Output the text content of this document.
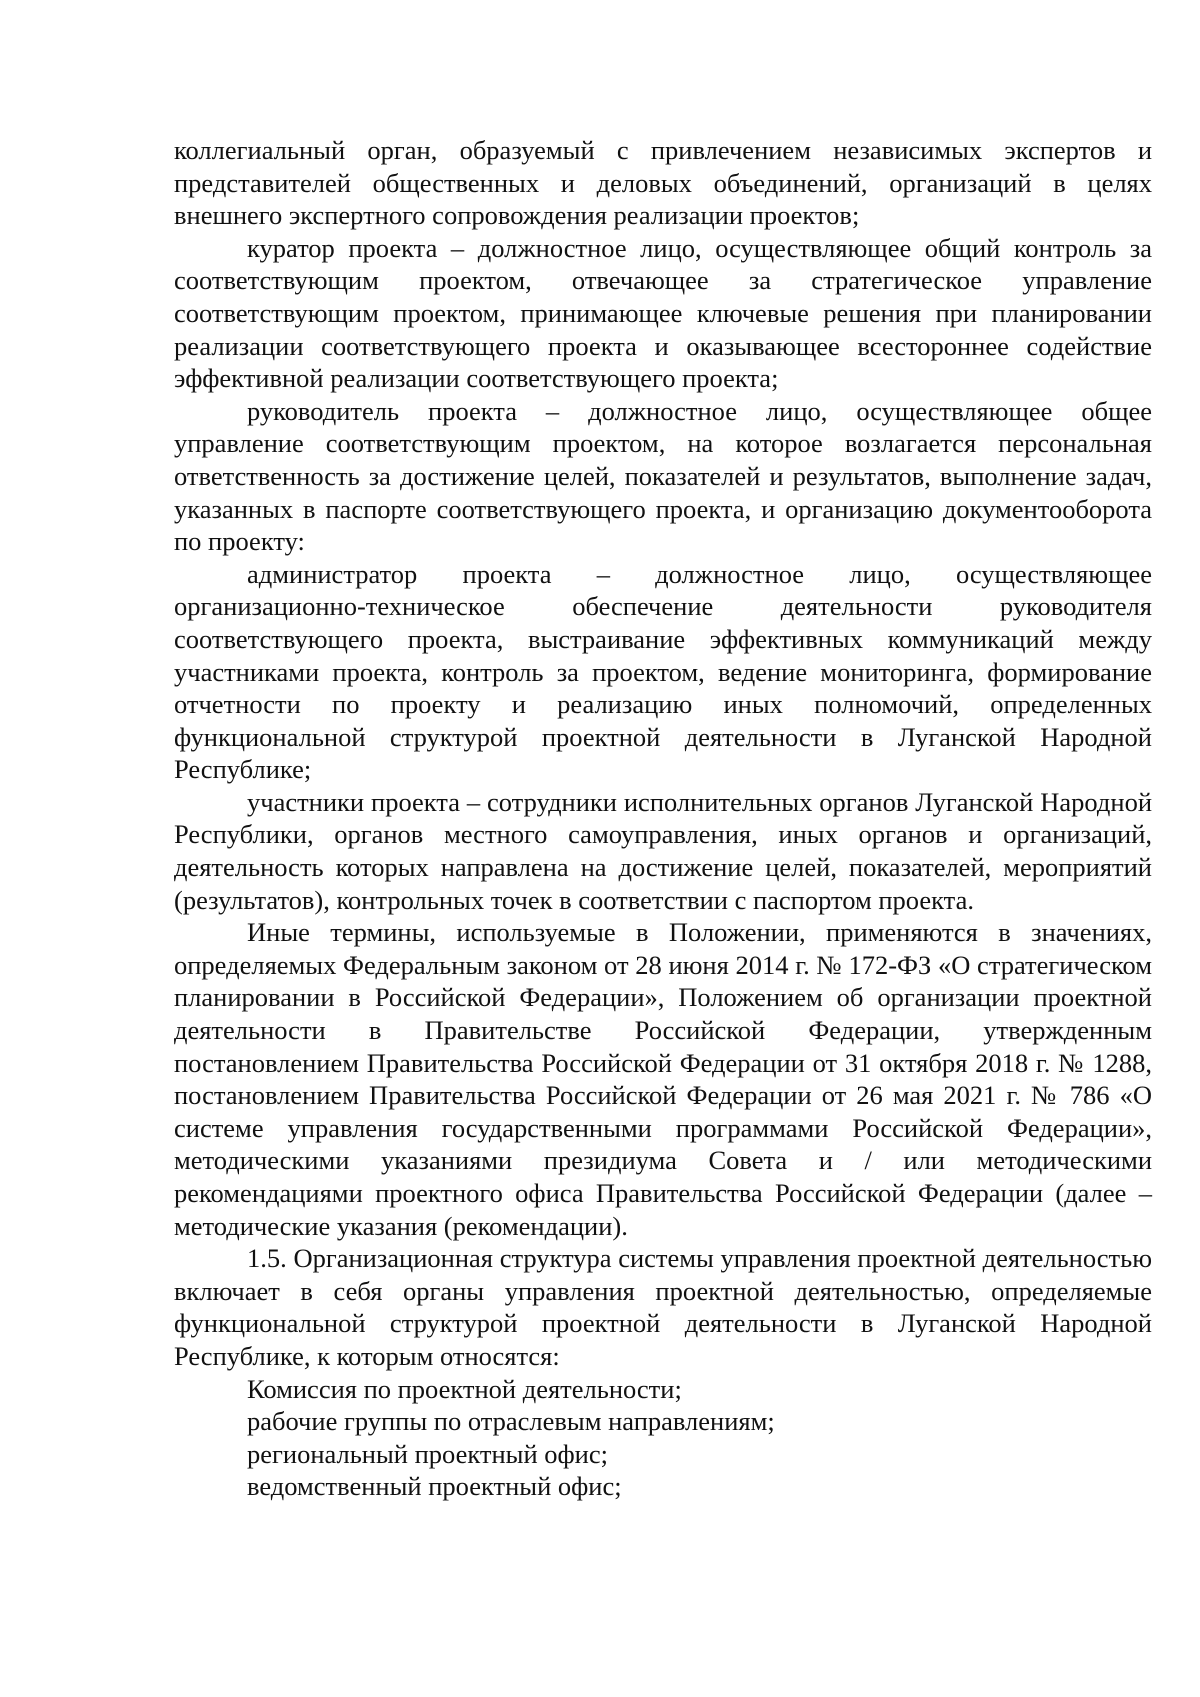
коллегиальный орган, образуемый с привлечением независимых экспертов и представителей общественных и деловых объединений, организаций в целях внешнего экспертного сопровождения реализации проектов;

куратор проекта – должностное лицо, осуществляющее общий контроль за соответствующим проектом, отвечающее за стратегическое управление соответствующим проектом, принимающее ключевые решения при планировании реализации соответствующего проекта и оказывающее всестороннее содействие эффективной реализации соответствующего проекта;

руководитель проекта – должностное лицо, осуществляющее общее управление соответствующим проектом, на которое возлагается персональная ответственность за достижение целей, показателей и результатов, выполнение задач, указанных в паспорте соответствующего проекта, и организацию документооборота по проекту:

администратор проекта – должностное лицо, осуществляющее организационно-техническое обеспечение деятельности руководителя соответствующего проекта, выстраивание эффективных коммуникаций между участниками проекта, контроль за проектом, ведение мониторинга, формирование отчетности по проекту и реализацию иных полномочий, определенных функциональной структурой проектной деятельности в Луганской Народной Республике;

участники проекта – сотрудники исполнительных органов Луганской Народной Республики, органов местного самоуправления, иных органов и организаций, деятельность которых направлена на достижение целей, показателей, мероприятий (результатов), контрольных точек в соответствии с паспортом проекта.

Иные термины, используемые в Положении, применяются в значениях, определяемых Федеральным законом от 28 июня 2014 г. № 172-ФЗ «О стратегическом планировании в Российской Федерации», Положением об организации проектной деятельности в Правительстве Российской Федерации, утвержденным постановлением Правительства Российской Федерации от 31 октября 2018 г. № 1288, постановлением Правительства Российской Федерации от 26 мая 2021 г. № 786 «О системе управления государственными программами Российской Федерации», методическими указаниями президиума Совета и / или методическими рекомендациями проектного офиса Правительства Российской Федерации (далее – методические указания (рекомендации).

1.5. Организационная структура системы управления проектной деятельностью включает в себя органы управления проектной деятельностью, определяемые функциональной структурой проектной деятельности в Луганской Народной Республике, к которым относятся:

Комиссия по проектной деятельности;

рабочие группы по отраслевым направлениям;

региональный проектный офис;

ведомственный проектный офис;
